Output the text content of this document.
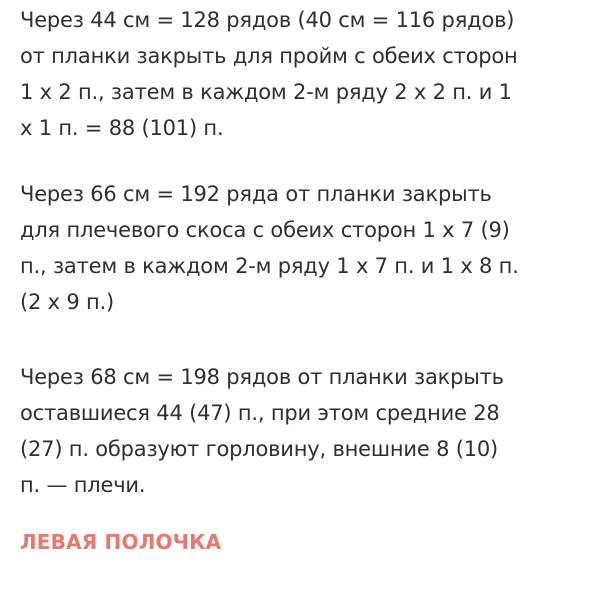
Через 44 см = 128 рядов (40 см = 116 рядов)
от планки закрыть для пройм с обеих сторон
1 х 2 п., затем в каждом 2-м ряду 2 х 2 п. и 1
х 1 п. = 88 (101) п.

Через 66 см = 192 ряда от планки закрыть
для плечевого скоса с обеих сторон 1 х 7 (9)
п., затем в каждом 2-м ряду 1 х 7 п. и 1 х 8 п.
(2 х 9 п.)

Через 68 см = 198 рядов от планки закрыть
оставшиеся 44 (47) п., при этом средние 28
(27) п. образуют горловину, внешние 8 (10)
п. — плечи.

ЛЕВАЯ ПОЛОЧКА
